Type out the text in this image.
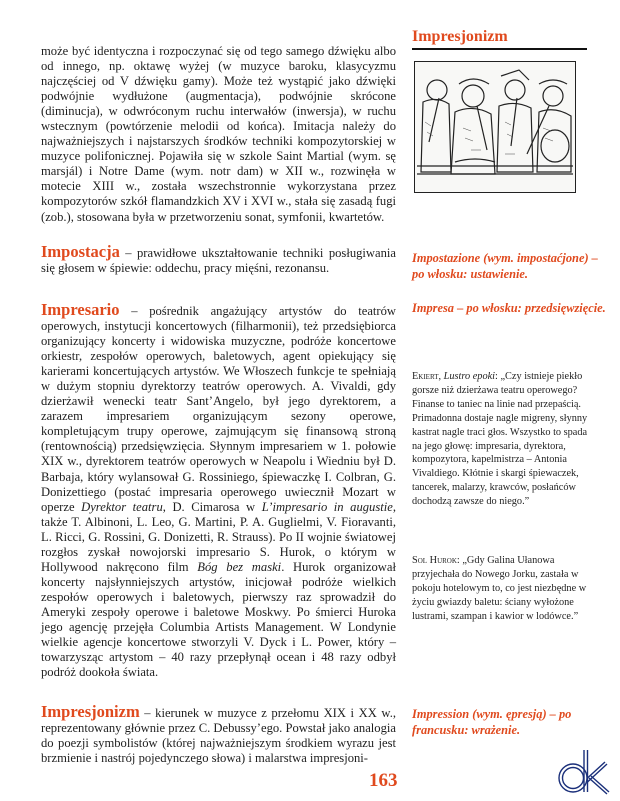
może być identyczna i rozpoczynać się od tego samego dźwięku albo od innego, np. oktawę wyżej (w muzyce baroku, klasycyzmu najczęściej od V dźwięku gamy). Może też wystąpić jako dźwięki podwójnie wydłużone (augmentacja), podwójnie skrócone (diminucja), w odwróconym ruchu interwałów (inwersja), w ruchu wstecznym (powtórzenie melodii od końca). Imitacja należy do najważniejszych i najstarszych środków techniki kompozytorskiej w muzyce polifonicznej. Pojawiła się w szkole Saint Martial (wym. sę marsjál) i Notre Dame (wym. notr dam) w XII w., rozwinęła w motecie XIII w., została wszechstronnie wykorzystana przez kompozytorów szkół flamandzkich XV i XVI w., stała się zasadą fugi (zob.), stosowana była w przetworzeniu sonat, symfonii, kwartetów.

Impostacja – prawidłowe ukształtowanie techniki posługiwania się głosem w śpiewie: oddechu, pracy mięśni, rezonansu.

Impresario – pośrednik angażujący artystów do teatrów operowych, instytucji koncertowych (filharmonii), też przedsiębiorca organizujący koncerty i widowiska muzyczne, podróże koncertowe orkiestr, zespołów operowych, baletowych, agent opiekujący się karierami koncertujących artystów. We Włoszech funkcje te spełniają w dużym stopniu dyrektorzy teatrów operowych. A. Vivaldi, gdy dzierżawił wenecki teatr Sant’Angelo, był jego dyrektorem, a zarazem impresariem organizującym sezony operowe, kompletującym trupy operowe, zajmującym się finansową stroną (rentownością) przedsięwzięcia. Słynnym impresariem w 1. połowie XIX w., dyrektorem teatrów operowych w Neapolu i Wiedniu był D. Barbaja, który wylansował G. Rossiniego, śpiewaczkę I. Colbran, G. Donizettiego (postać impresaria operowego uwiecznił Mozart w operze Dyrektor teatru, D. Cimarosa w L’impresario in augustie, także T. Albinoni, L. Leo, G. Martini, P. A. Guglielmi, V. Fioravanti, L. Ricci, G. Rossini, G. Donizetti, R. Strauss). Po II wojnie światowej rozgłos zyskał nowojorski impresario S. Hurok, o którym w Hollywood nakręcono film Bóg bez maski. Hurok organizował koncerty najsłynniejszych artystów, inicjował podróże wielkich zespołów operowych i baletowych, pierwszy raz sprowadził do Ameryki zespoły operowe i baletowe Moskwy. Po śmierci Huroka jego agencję przejęła Columbia Artists Management. W Londynie wielkie agencje koncertowe stworzyli V. Dyck i L. Power, który – towarzysząc artystom – 40 razy przepłynął ocean i 48 razy odbył podróż dookoła świata.

Impresjonizm – kierunek w muzyce z przełomu XIX i XX w., reprezentowany głównie przez C. Debussy’ego. Powstał jako analogia do poezji symbolistów (której najważniejszym środkiem wyrazu jest brzmienie i nastrój pojedynczego słowa) i malarstwa impresjoni-

Impresjonizm

Impostazione (wym. impostaćjone) – po włosku: ustawienie.

Impresa – po włosku: przedsięwzięcie.

Ekiert, Lustro epoki: „Czy istnieje piekło gorsze niż dzierżawa teatru operowego? Finanse to taniec na linie nad przepaścią. Primadonna dostaje nagle migreny, słynny kastrat nagle traci głos. Wszystko to spada na jego głowę: impresaria, dyrektora, kompozytora, kapelmistrza – Antonia Vivaldiego. Kłótnie i skargi śpiewaczek, tancerek, malarzy, krawców, posłańców dochodzą zawsze do niego.”

Sol Hurok: „Gdy Galina Ułanowa przyjechała do Nowego Jorku, zastała w pokoju hotelowym to, co jest niezbędne w życiu gwiazdy baletu: ściany wyłożone lustrami, szampan i kawior w lodówce.”

Impression (wym. ępresją) – po francusku: wrażenie.

163
